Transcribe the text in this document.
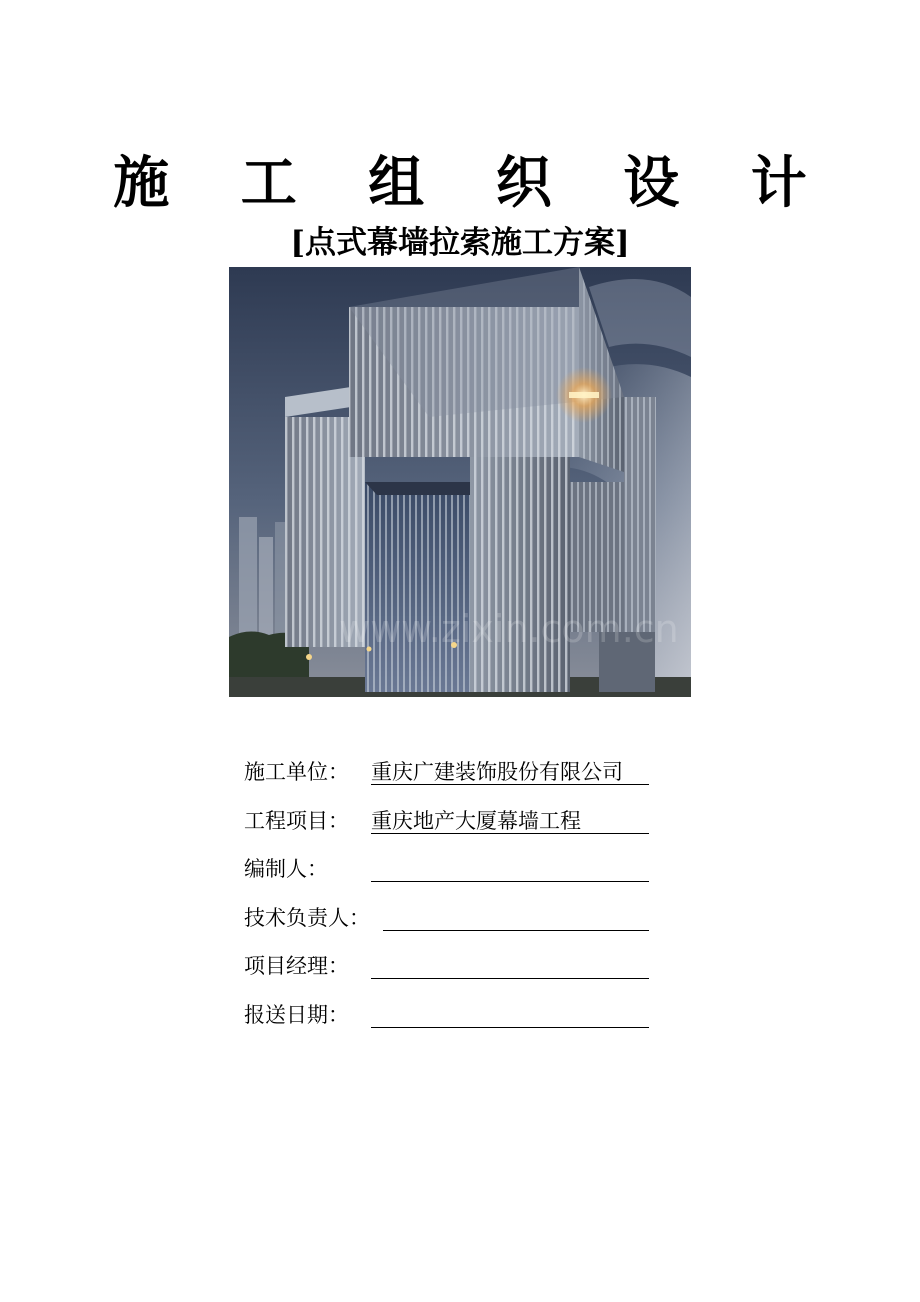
施 工 组 织 设 计
[点式幕墙拉索施工方案]
www.zixin.com.cn
施工单位： 重庆广建装饰股份有限公司
工程项目： 重庆地产大厦幕墙工程
编制人：
技术负责人：
项目经理：
报送日期：
